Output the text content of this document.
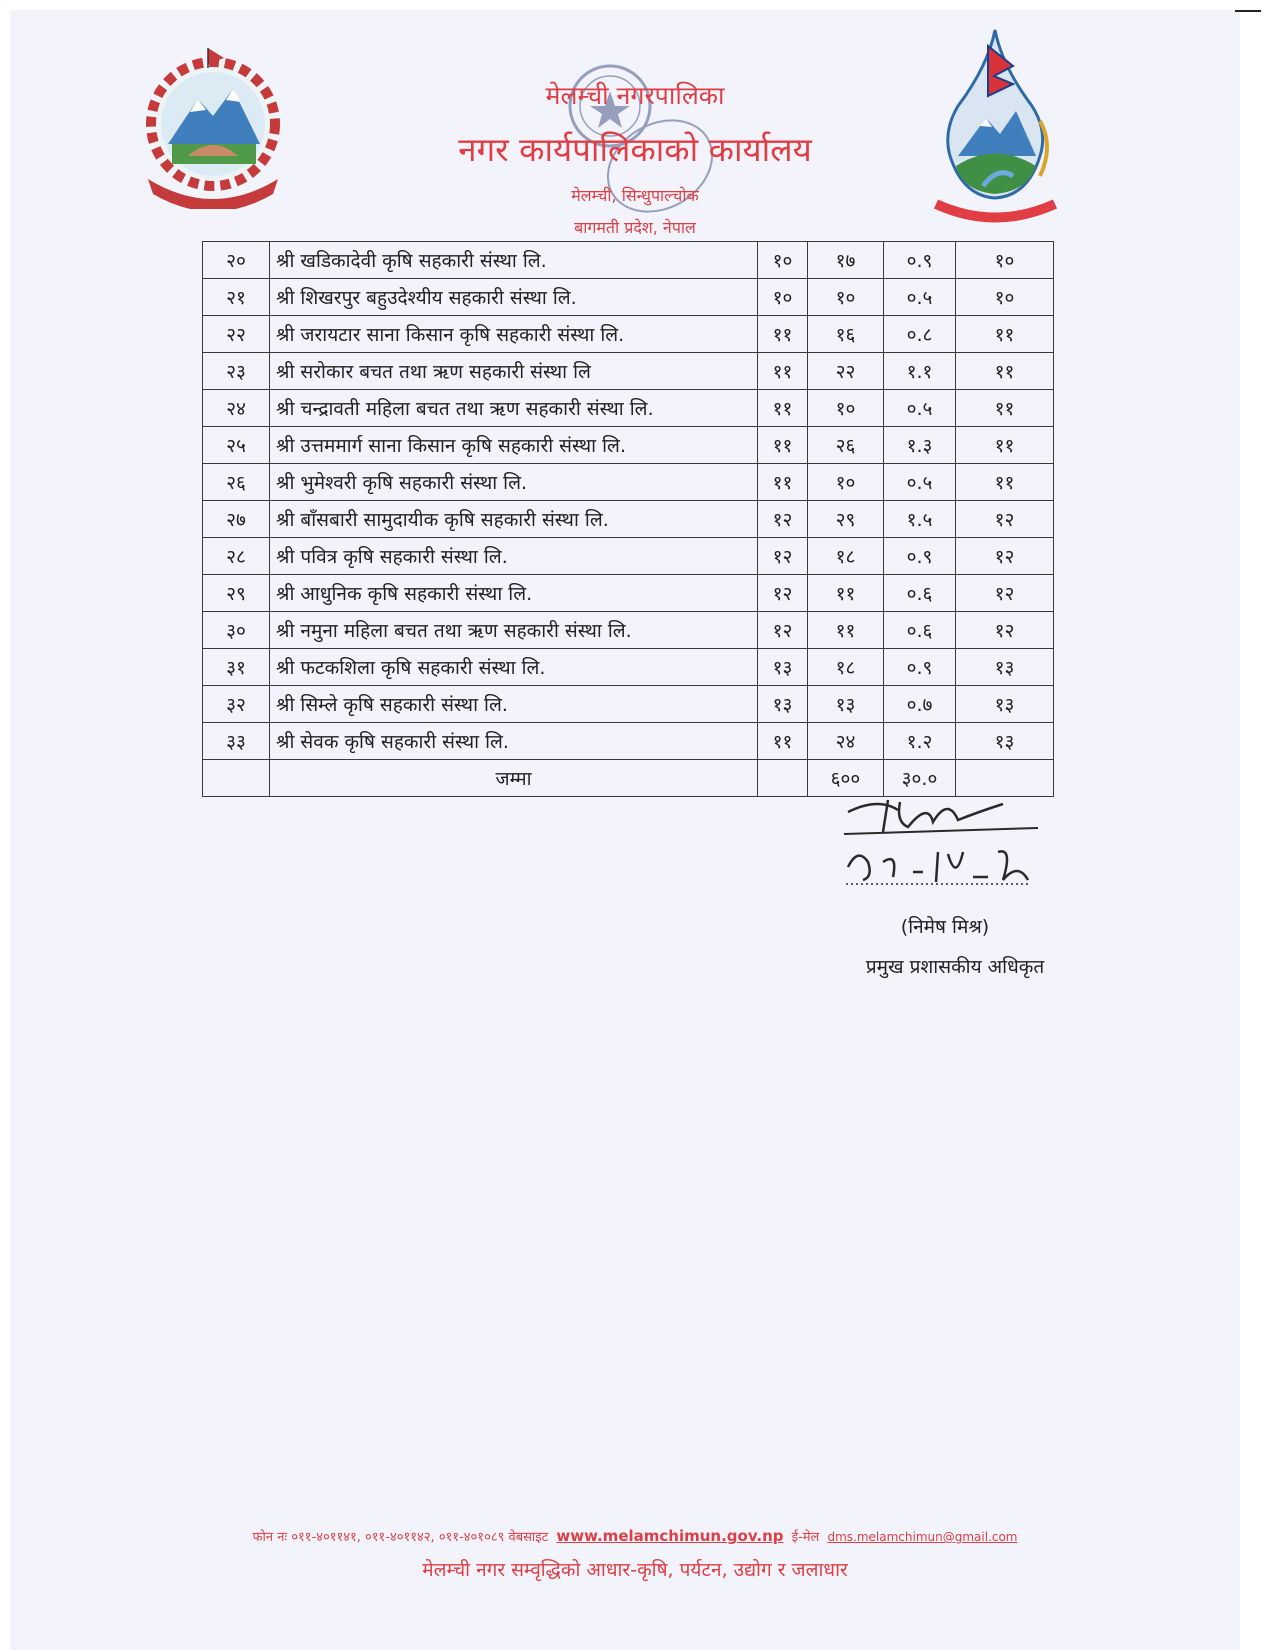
मेलम्ची नगरपालिका
नगर कार्यपालिकाको कार्यालय
मेलम्ची, सिन्धुपाल्चोक
बागमती प्रदेश, नेपाल
२०	श्री खडिकादेवी कृषि सहकारी संस्था लि.	१०	१७	०.९	१०
२१	श्री शिखरपुर बहुउदेश्यीय सहकारी संस्था लि.	१०	१०	०.५	१०
२२	श्री जरायटार साना किसान कृषि सहकारी संस्था लि.	११	१६	०.८	११
२३	श्री सरोकार बचत तथा ऋण सहकारी संस्था लि	११	२२	१.१	११
२४	श्री चन्द्रावती महिला बचत तथा ऋण सहकारी संस्था लि.	११	१०	०.५	११
२५	श्री उत्तममार्ग साना किसान कृषि सहकारी संस्था लि.	११	२६	१.३	११
२६	श्री भुमेश्वरी कृषि सहकारी संस्था लि.	११	१०	०.५	११
२७	श्री बाँसबारी सामुदायीक कृषि सहकारी संस्था लि.	१२	२९	१.५	१२
२८	श्री पवित्र कृषि सहकारी संस्था लि.	१२	१८	०.९	१२
२९	श्री आधुनिक कृषि सहकारी संस्था लि.	१२	११	०.६	१२
३०	श्री नमुना महिला बचत तथा ऋण सहकारी संस्था लि.	१२	११	०.६	१२
३१	श्री फटकशिला कृषि सहकारी संस्था लि.	१३	१८	०.९	१३
३२	श्री सिम्ले कृषि सहकारी संस्था लि.	१३	१३	०.७	१३
३३	श्री सेवक कृषि सहकारी संस्था लि.	११	२४	१.२	१३
	जम्मा		६००	३०.०	
(निमेष मिश्र)
प्रमुख प्रशासकीय अधिकृत
फोन नः ०११-४०११४१, ०११-४०११४२, ०११-४०१०८९ वेबसाइट www.melamchimun.gov.np ई-मेल dms.melamchimun@gmail.com
मेलम्ची नगर सम्वृद्धिको आधार-कृषि, पर्यटन, उद्योग र जलाधार
